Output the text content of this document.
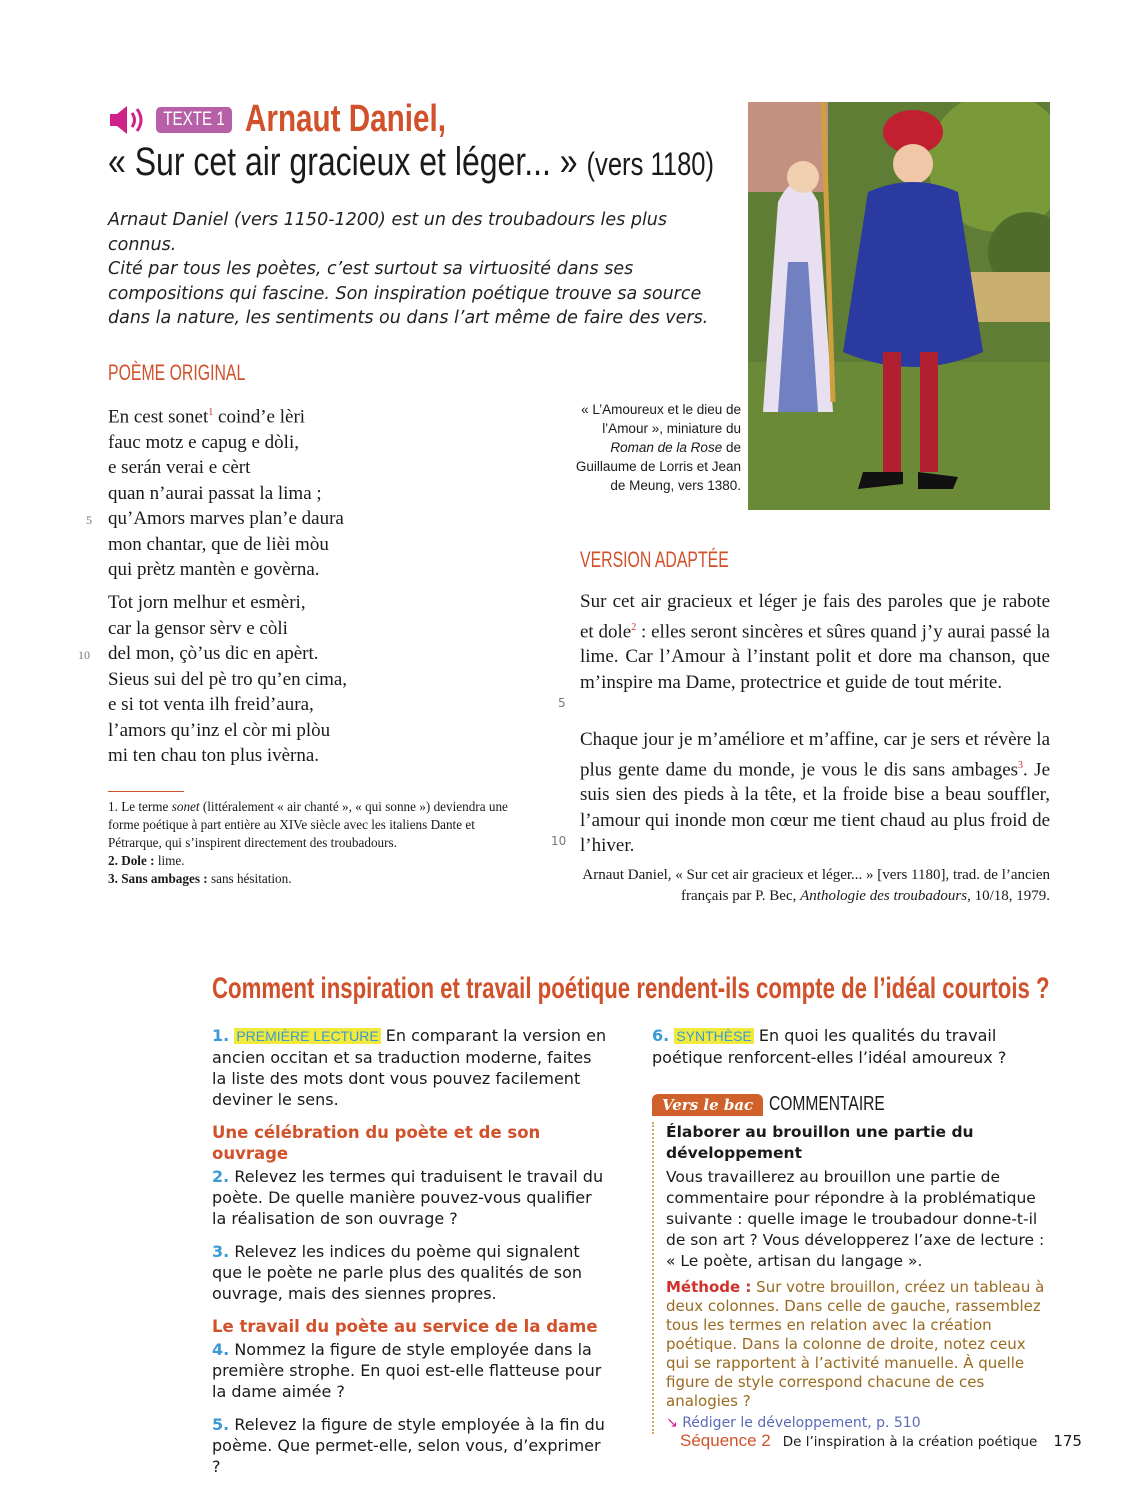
TEXTE 1 Arnaut Daniel,
« Sur cet air gracieux et léger... » (vers 1180)
Arnaut Daniel (vers 1150-1200) est un des troubadours les plus connus.
Cité par tous les poètes, c’est surtout sa virtuosité dans ses
compositions qui fascine. Son inspiration poétique trouve sa source
dans la nature, les sentiments ou dans l’art même de faire des vers.
POÈME ORIGINAL
En cest sonet$^1$ coind’e lèri
fauc motz e capug e dòli,
e serán verai e cèrt
quan n’aurai passat la lima ;
5 qu’Amors marves plan’e daura
mon chantar, que de lièi mòu
qui prètz mantèn e govèrna.
Tot jorn melhur et esmèri,
car la gensor sèrv e còli
10 del mon, çò’us dic en apèrt.
Sieus sui del pè tro qu’en cima,
e si tot venta ilh freid’aura,
l’amors qu’inz el còr mi plòu
mi ten chau ton plus ivèrna.
1. Le terme sonet (littéralement « air chanté », « qui sonne ») deviendra une forme poétique à part entière au XIVe siècle avec les italiens Dante et Pétrarque, qui s’inspirent directement des troubadours.
2. Dole : lime.
3. Sans ambages : sans hésitation.
« L’Amoureux et le dieu de l’Amour », miniature du Roman de la Rose de Guillaume de Lorris et Jean de Meung, vers 1380.
VERSION ADAPTÉE
Sur cet air gracieux et léger je fais des paroles que je rabote et dole$^2$ : elles seront sincères et sûres quand j’y aurai passé la lime. Car l’Amour à l’instant polit et dore ma chanson, que m’inspire ma Dame, protectrice et guide de tout mérite.
5
Chaque jour je m’améliore et m’affine, car je sers et révère la plus gente dame du monde, je vous le dis sans ambages$^3$. Je suis sien des pieds à la tête, et la froide bise a beau souffler, l’amour qui inonde mon cœur me tient chaud au plus froid de l’hiver.
10
Arnaut Daniel, « Sur cet air gracieux et léger... » [vers 1180], trad. de l’ancien français par P. Bec, Anthologie des troubadours, 10/18, 1979.
Comment inspiration et travail poétique rendent-ils compte de l’idéal courtois ?

1. PREMIÈRE LECTURE En comparant la version en ancien occitan et sa traduction moderne, faites la liste des mots dont vous pouvez facilement deviner le sens.

Une célébration du poète et de son ouvrage

2. Relevez les termes qui traduisent le travail du poète. De quelle manière pouvez-vous qualifier la réalisation de son ouvrage ?

3. Relevez les indices du poème qui signalent que le poète ne parle plus des qualités de son ouvrage, mais des siennes propres.

Le travail du poète au service de la dame

4. Nommez la figure de style employée dans la première strophe. En quoi est-elle flatteuse pour la dame aimée ?

5. Relevez la figure de style employée à la fin du poème. Que permet-elle, selon vous, d’exprimer ?

6. SYNTHÈSE En quoi les qualités du travail poétique renforcent-elles l’idéal amoureux ?
Vers le bac COMMENTAIRE
Élaborer au brouillon une partie du développement
Vous travaillerez au brouillon une partie de commentaire pour répondre à la problématique suivante : quelle image le troubadour donne-t-il de son art ? Vous développerez l’axe de lecture : « Le poète, artisan du langage ».
Méthode : Sur votre brouillon, créez un tableau à deux colonnes. Dans celle de gauche, rassemblez tous les termes en relation avec la création poétique. Dans la colonne de droite, notez ceux qui se rapportent à l’activité manuelle. À quelle figure de style correspond chacune de ces analogies ?
↘ Rédiger le développement, p. 510
Séquence 2 De l’inspiration à la création poétique 175
